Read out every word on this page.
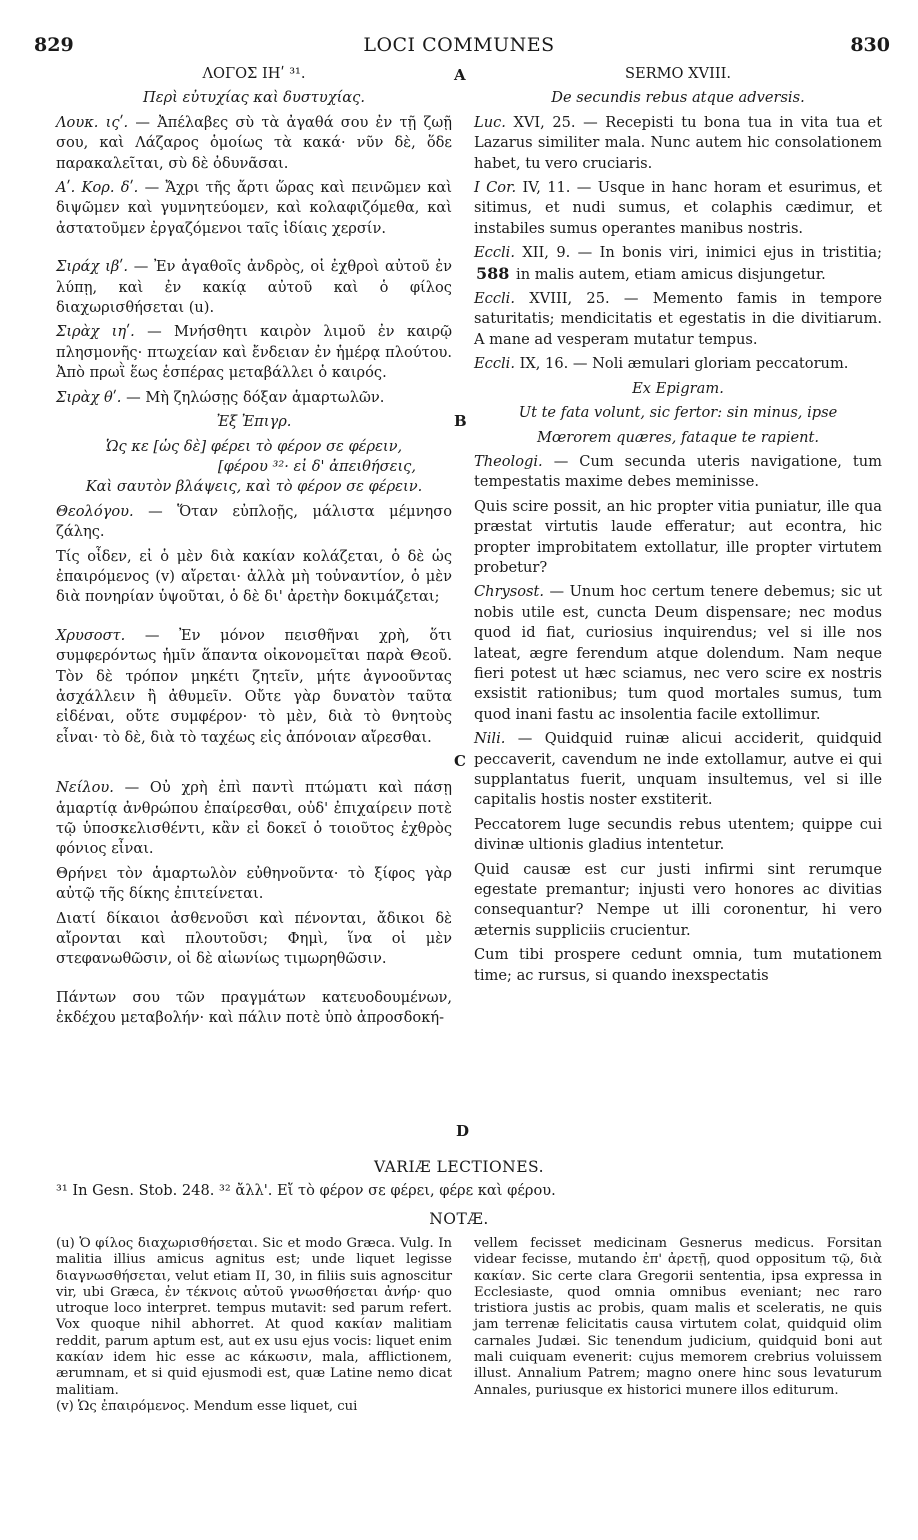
829	LOCI COMMUNES	830

ΛΟΓΟΣ ΙΗʹ ³¹.

Περὶ εὐτυχίας καὶ δυστυχίας.

Λουκ. ιςʹ. — Ἀπέλαβες σὺ τὰ ἀγαθά σου ἐν τῇ ζωῇ σου, καὶ Λάζαρος ὁμοίως τὰ κακά· νῦν δὲ, ὅδε παρακαλεῖται, σὺ δὲ ὀδυνᾶσαι.

Αʹ. Κορ. δʹ. — Ἄχρι τῆς ἄρτι ὥρας καὶ πεινῶμεν καὶ διψῶμεν καὶ γυμνητεύομεν, καὶ κολαφιζόμεθα, καὶ ἀστατοῦμεν ἐργαζόμενοι ταῖς ἰδίαις χερσίν.

Σιράχ ιβʹ. — Ἐν ἀγαθοῖς ἀνδρὸς, οἱ ἐχθροὶ αὐτοῦ ἐν λύπῃ, καὶ ἐν κακίᾳ αὐτοῦ καὶ ὁ φίλος διαχωρισθήσεται (u).

Σιρὰχ ιηʹ. — Μνήσθητι καιρὸν λιμοῦ ἐν καιρῷ πλησμονῆς· πτωχείαν καὶ ἔνδειαν ἐν ἡμέρᾳ πλούτου. Ἀπὸ πρωῒ ἕως ἑσπέρας μεταβάλλει ὁ καιρός.

Σιρὰχ θʹ. — Μὴ ζηλώσῃς δόξαν ἁμαρτωλῶν.

Ἐξ Ἐπιγρ.

Ὡς κε [ὡς δὲ] φέρει τὸ φέρον σε φέρειν,

[φέρου ³²· εἰ δ' ἀπειθήσεις,

Καὶ σαυτὸν βλάψεις, καὶ τὸ φέρον σε φέρειν.

Θεολόγου. — Ὅταν εὐπλοῇς, μάλιστα μέμνησο ζάλης.

Τίς οἶδεν, εἰ ὁ μὲν διὰ κακίαν κολάζεται, ὁ δὲ ὡς ἐπαιρόμενος (v) αἴρεται· ἀλλὰ μὴ τοὐναντίον, ὁ μὲν διὰ πονηρίαν ὑψοῦται, ὁ δὲ δι' ἀρετὴν δοκιμάζεται;

Χρυσοστ. — Ἐν μόνον πεισθῆναι χρὴ, ὅτι συμφερόντως ἡμῖν ἅπαντα οἰκονομεῖται παρὰ Θεοῦ. Τὸν δὲ τρόπον μηκέτι ζητεῖν, μήτε ἀγνοοῦντας ἀσχάλλειν ἢ ἀθυμεῖν. Οὔτε γὰρ δυνατὸν ταῦτα εἰδέναι, οὔτε συμφέρον· τὸ μὲν, διὰ τὸ θνητοὺς εἶναι· τὸ δὲ, διὰ τὸ ταχέως εἰς ἀπόνοιαν αἴρεσθαι.

Νείλου. — Οὐ χρὴ ἐπὶ παντὶ πτώματι καὶ πάσῃ ἁμαρτίᾳ ἀνθρώπου ἐπαίρεσθαι, οὐδ' ἐπιχαίρειν ποτὲ τῷ ὑποσκελισθέντι, κἂν εἰ δοκεῖ ὁ τοιοῦτος ἐχθρὸς φόνιος εἶναι.

Θρήνει τὸν ἁμαρτωλὸν εὐθηνοῦντα· τὸ ξίφος γὰρ αὐτῷ τῆς δίκης ἐπιτείνεται.

Διατί δίκαιοι ἀσθενοῦσι καὶ πένονται, ἄδικοι δὲ αἴρονται καὶ πλουτοῦσι; Φημὶ, ἵνα οἱ μὲν στεφανωθῶσιν, οἱ δὲ αἰωνίως τιμωρηθῶσιν.

Πάντων σου τῶν πραγμάτων κατευοδουμένων, ἐκδέχου μεταβολήν· καὶ πάλιν ποτὲ ὑπὸ ἀπροσδοκή-

A
B
C
D

SERMO XVIII.

De secundis rebus atque adversis.

Luc. XVI, 25. — Recepisti tu bona tua in vita tua et Lazarus similiter mala. Nunc autem hic consolationem habet, tu vero cruciaris.

I Cor. IV, 11. — Usque in hanc horam et esurimus, et sitimus, et nudi sumus, et colaphis cædimur, et instabiles sumus operantes manibus nostris.

Eccli. XII, 9. — In bonis viri, inimici ejus in tristitia; 588 in malis autem, etiam amicus disjungetur.

Eccli. XVIII, 25. — Memento famis in tempore saturitatis; mendicitatis et egestatis in die divitiarum. A mane ad vesperam mutatur tempus.

Eccli. IX, 16. — Noli æmulari gloriam peccatorum.

Ex Epigram.

Ut te fata volunt, sic fertor: sin minus, ipse

Mœrorem quæres, fataque te rapient.

Theologi. — Cum secunda uteris navigatione, tum tempestatis maxime debes meminisse.

Quis scire possit, an hic propter vitia puniatur, ille qua præstat virtutis laude efferatur; aut econtra, hic propter improbitatem extollatur, ille propter virtutem probetur?

Chrysost. — Unum hoc certum tenere debemus; sic ut nobis utile est, cuncta Deum dispensare; nec modus quod id fiat, curiosius inquirendus; vel si ille nos lateat, ægre ferendum atque dolendum. Nam neque fieri potest ut hæc sciamus, nec vero scire ex nostris exsistit rationibus; tum quod mortales sumus, tum quod inani fastu ac insolentia facile extollimur.

Nili. — Quidquid ruinæ alicui acciderit, quidquid peccaverit, cavendum ne inde extollamur, autve ei qui supplantatus fuerit, unquam insultemus, vel si ille capitalis hostis noster exstiterit.

Peccatorem luge secundis rebus utentem; quippe cui divinæ ultionis gladius intentetur.

Quid causæ est cur justi infirmi sint rerumque egestate premantur; injusti vero honores ac divitias consequantur? Nempe ut illi coronentur, hi vero æternis suppliciis crucientur.

Cum tibi prospere cedunt omnia, tum mutationem time; ac rursus, si quando inexspectatis

VARIÆ LECTIONES.
³¹ In Gesn. Stob. 248. ³² ἄλλ'. Εἴ τὸ φέρον σε φέρει, φέρε καὶ φέρου.
NOTÆ.

(u) Ὁ φίλος διαχωρισθήσεται. Sic et modo Græca. Vulg. In malitia illius amicus agnitus est; unde liquet legisse διαγνωσθήσεται, velut etiam II, 30, in filiis suis agnoscitur vir, ubi Græca, ἐν τέκνοις αὐτοῦ γνωσθήσεται ἀνήρ· quo utroque loco interpret. tempus mutavit: sed parum refert. Vox quoque nihil abhorret. At quod κακίαν malitiam reddit, parum aptum est, aut ex usu ejus vocis: liquet enim κακίαν idem hic esse ac κάκωσιν, mala, afflictionem, ærumnam, et si quid ejusmodi est, quæ Latine nemo dicat malitiam.

(v) Ὡς ἐπαιρόμενος. Mendum esse liquet, cui

vellem fecisset medicinam Gesnerus medicus. Forsitan videar fecisse, mutando ἐπ' ἀρετῇ, quod oppositum τῷ, διὰ κακίαν. Sic certe clara Gregorii sententia, ipsa expressa in Ecclesiaste, quod omnia omnibus eveniant; nec raro tristiora justis ac probis, quam malis et sceleratis, ne quis jam terrenæ felicitatis causa virtutem colat, quidquid olim carnales Judæi. Sic tenendum judicium, quidquid boni aut mali cuiquam evenerit: cujus memorem crebrius voluissem illust. Annalium Patrem; magno onere hinc sous levaturum Annales, puriusque ex historici munere illos editurum.
